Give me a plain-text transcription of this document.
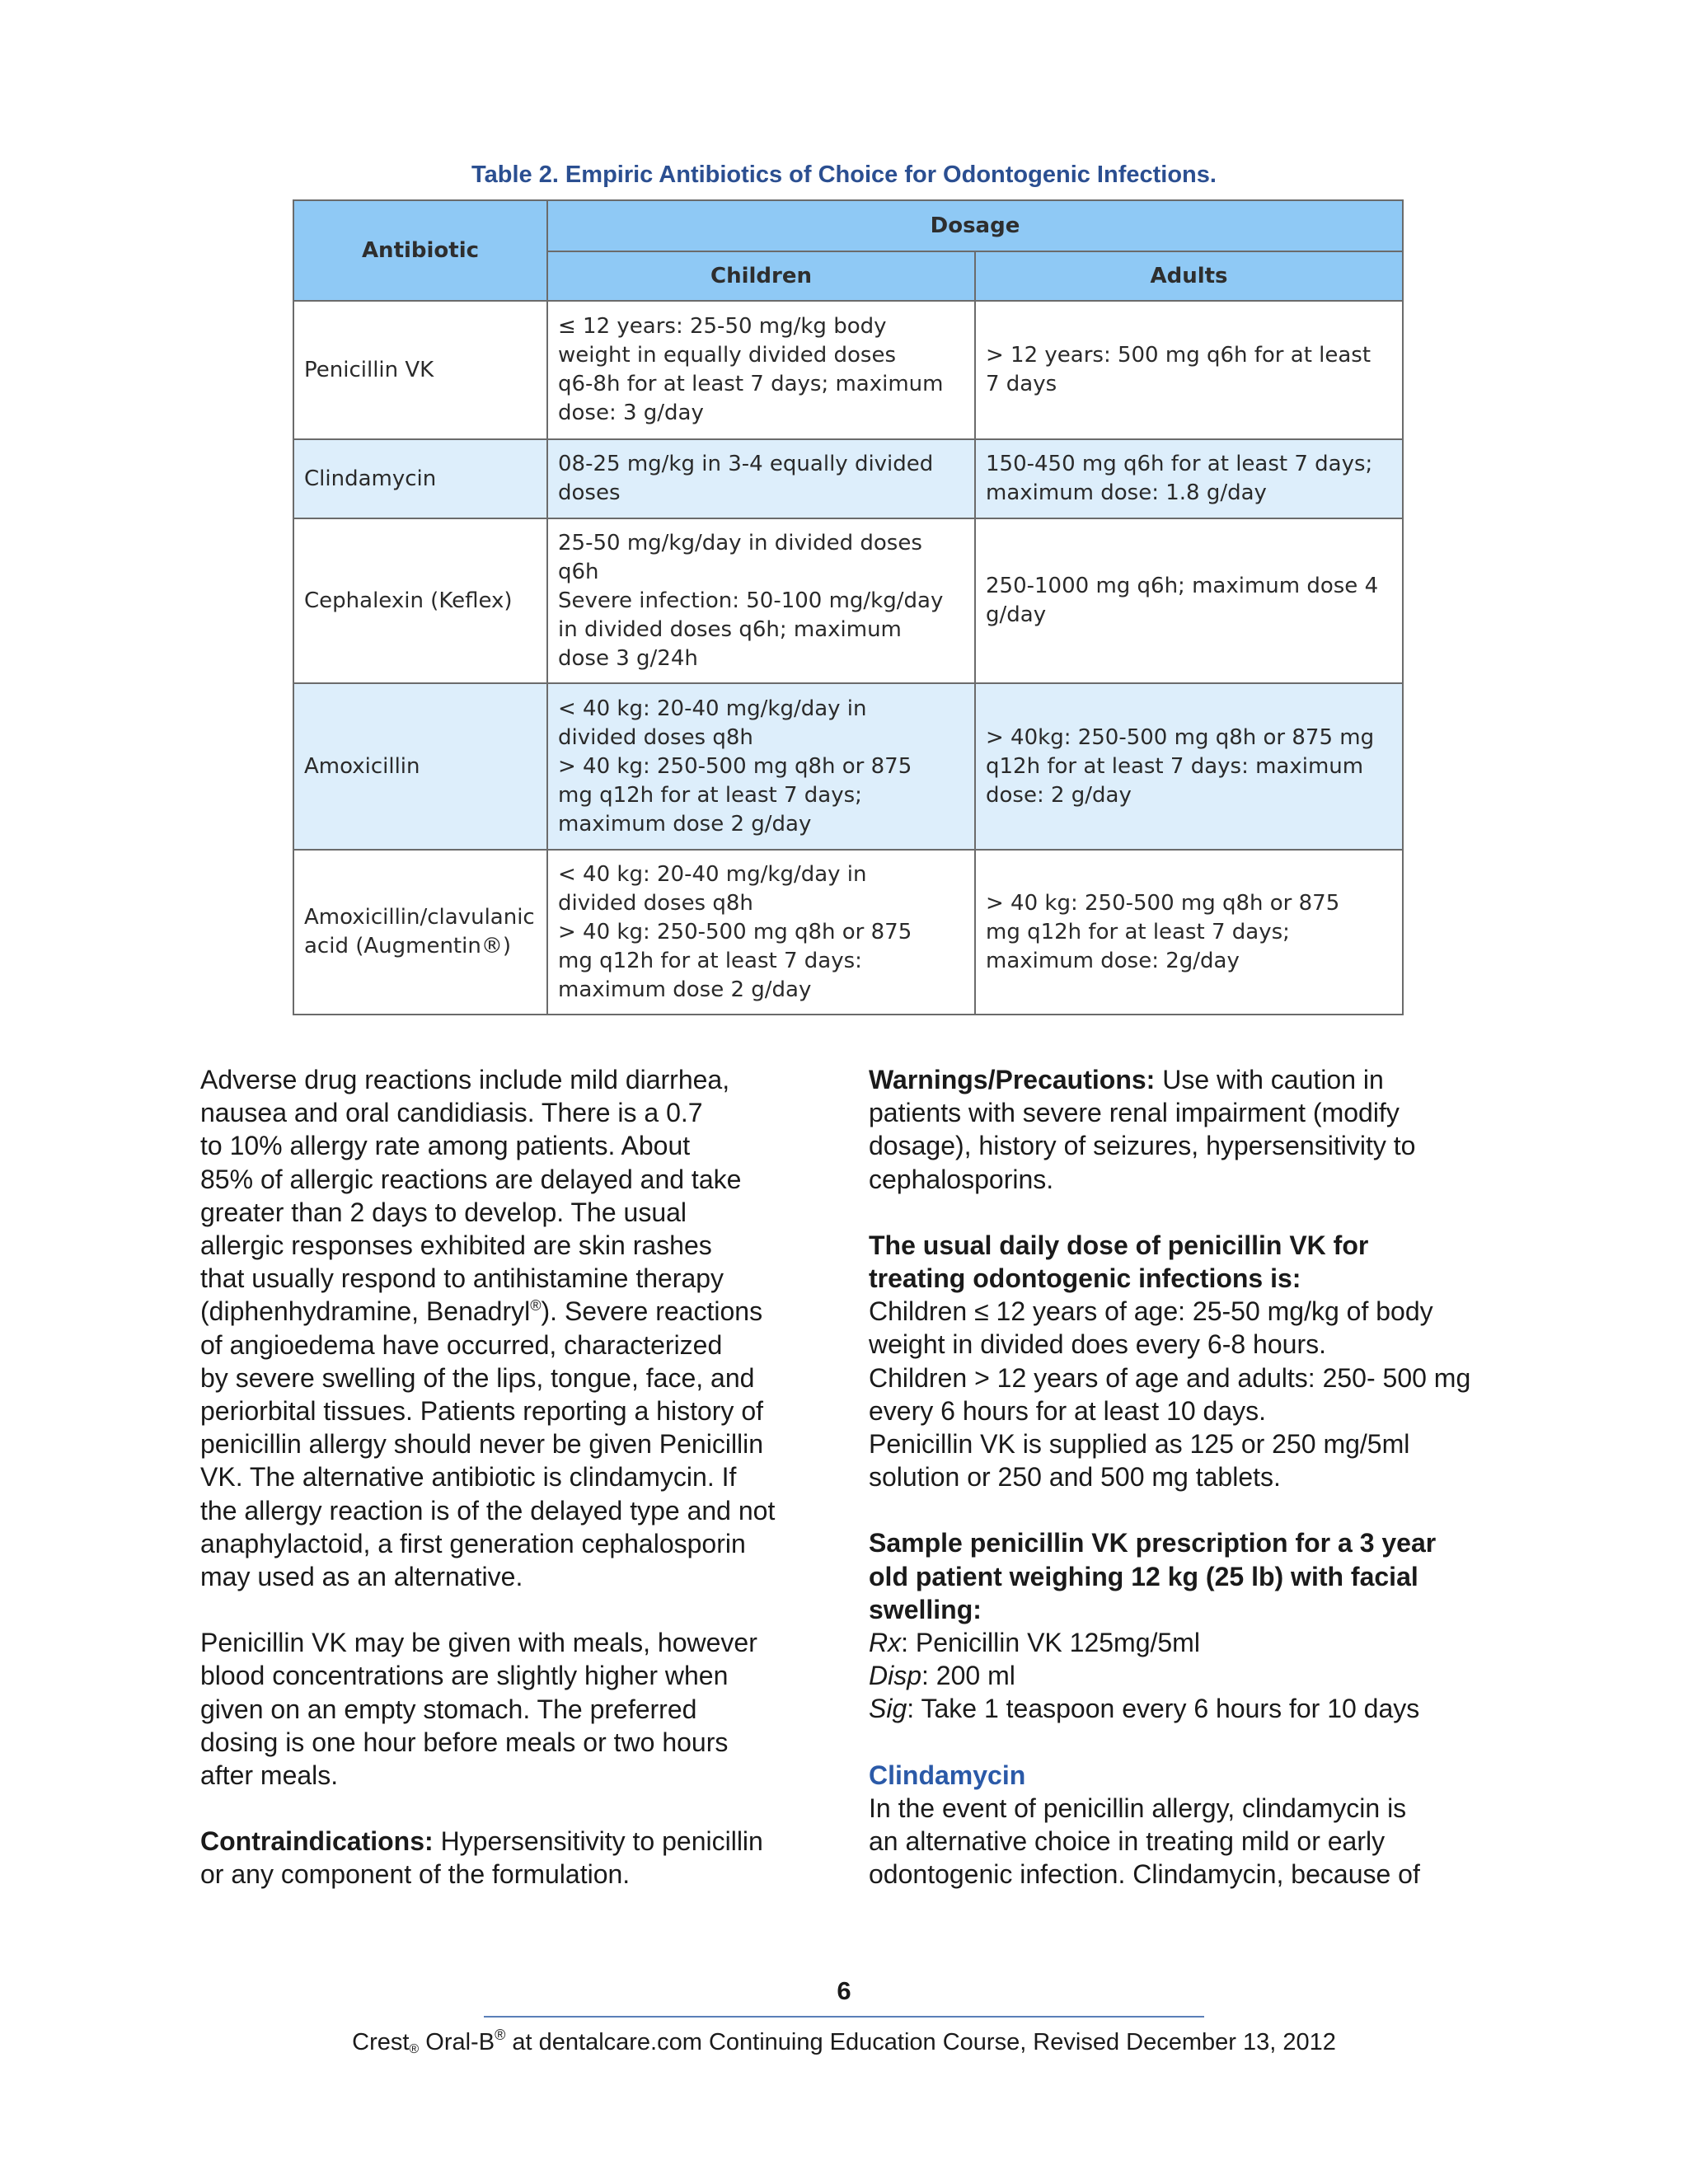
Table 2. Empiric Antibiotics of Choice for Odontogenic Infections.
Antibiotic	Dosage	
	Children	Adults

Penicillin VK	≤ 12 years: 25-50 mg/kg body
weight in equally divided doses
q6-8h for at least 7 days; maximum
dose: 3 g/day	> 12 years: 500 mg q6h for at least
7 days

Clindamycin	08-25 mg/kg in 3-4 equally divided
doses	150-450 mg q6h for at least 7 days;
maximum dose: 1.8 g/day

Cephalexin (Keflex)	25-50 mg/kg/day in divided doses
q6h
Severe infection: 50-100 mg/kg/day
in divided doses q6h; maximum
dose 3 g/24h	250-1000 mg q6h; maximum dose 4
g/day

Amoxicillin	< 40 kg: 20-40 mg/kg/day in
divided doses q8h
> 40 kg: 250-500 mg q8h or 875
mg q12h for at least 7 days;
maximum dose 2 g/day	> 40kg: 250-500 mg q8h or 875 mg
q12h for at least 7 days: maximum
dose: 2 g/day

Amoxicillin/clavulanic
acid (Augmentin®)	< 40 kg: 20-40 mg/kg/day in
divided doses q8h
> 40 kg: 250-500 mg q8h or 875
mg q12h for at least 7 days:
maximum dose 2 g/day	> 40 kg: 250-500 mg q8h or 875
mg q12h for at least 7 days;
maximum dose: 2g/day
Adverse drug reactions include mild diarrhea,
nausea and oral candidiasis. There is a 0.7
to 10% allergy rate among patients. About
85% of allergic reactions are delayed and take
greater than 2 days to develop. The usual
allergic responses exhibited are skin rashes
that usually respond to antihistamine therapy
(diphenhydramine, Benadryl®). Severe reactions
of angioedema have occurred, characterized
by severe swelling of the lips, tongue, face, and
periorbital tissues. Patients reporting a history of
penicillin allergy should never be given Penicillin
VK. The alternative antibiotic is clindamycin. If
the allergy reaction is of the delayed type and not
anaphylactoid, a first generation cephalosporin
may used as an alternative.
Penicillin VK may be given with meals, however
blood concentrations are slightly higher when
given on an empty stomach. The preferred
dosing is one hour before meals or two hours
after meals.
Contraindications: Hypersensitivity to penicillin
or any component of the formulation.
Warnings/Precautions: Use with caution in
patients with severe renal impairment (modify
dosage), history of seizures, hypersensitivity to
cephalosporins.
The usual daily dose of penicillin VK for
treating odontogenic infections is:
Children ≤ 12 years of age: 25-50 mg/kg of body
weight in divided does every 6-8 hours.
Children > 12 years of age and adults: 250- 500 mg
every 6 hours for at least 10 days.
Penicillin VK is supplied as 125 or 250 mg/5ml
solution or 250 and 500 mg tablets.
Sample penicillin VK prescription for a 3 year
old patient weighing 12 kg (25 lb) with facial
swelling:
Rx: Penicillin VK 125mg/5ml
Disp: 200 ml
Sig: Take 1 teaspoon every 6 hours for 10 days
Clindamycin
In the event of penicillin allergy, clindamycin is
an alternative choice in treating mild or early
odontogenic infection. Clindamycin, because of
6
Crest$_®$ Oral-B® at dentalcare.com Continuing Education Course, Revised December 13, 2012
